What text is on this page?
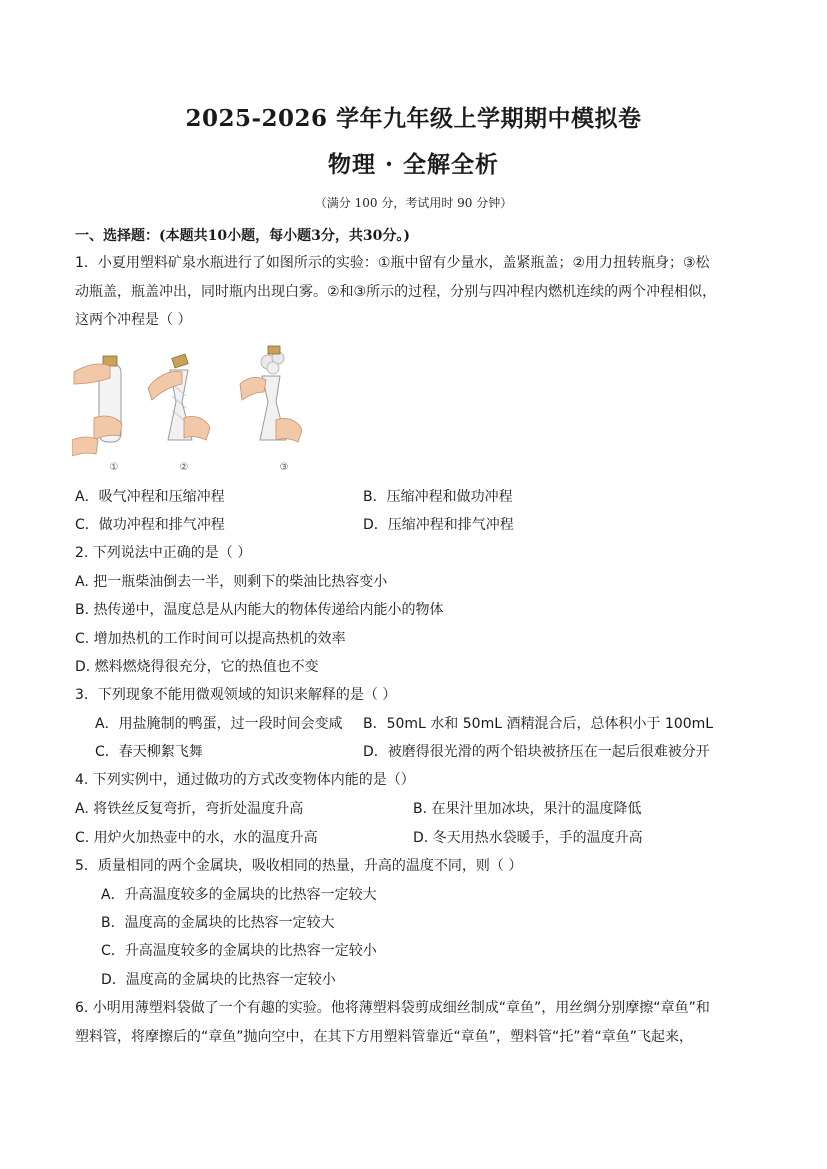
2025-2026 学年九年级上学期期中模拟卷
物理 · 全解全析
（满分 100 分，考试用时 90 分钟）
一、选择题：(本题共10小题，每小题3分，共30分。)
1．小夏用塑料矿泉水瓶进行了如图所示的实验：①瓶中留有少量水，盖紧瓶盖；②用力扭转瓶身；③松
动瓶盖，瓶盖冲出，同时瓶内出现白雾。②和③所示的过程，分别与四冲程内燃机连续的两个冲程相似，
这两个冲程是（ ）
①	②	③
A．吸气冲程和压缩冲程	B．压缩冲程和做功冲程
C．做功冲程和排气冲程	D．压缩冲程和排气冲程
2. 下列说法中正确的是（ ）
A. 把一瓶柴油倒去一半，则剩下的柴油比热容变小
B. 热传递中，温度总是从内能大的物体传递给内能小的物体
C. 增加热机的工作时间可以提高热机的效率
D. 燃料燃烧得很充分，它的热值也不变
3．下列现象不能用微观领域的知识来解释的是（ ）
A．用盐腌制的鸭蛋，过一段时间会变咸 B．50mL 水和 50mL 酒精混合后，总体积小于 100mL
C．春天柳絮飞舞	D．被磨得很光滑的两个铅块被挤压在一起后很难被分开
4. 下列实例中，通过做功的方式改变物体内能的是（）
A. 将铁丝反复弯折，弯折处温度升高	B. 在果汁里加冰块，果汁的温度降低
C. 用炉火加热壶中的水，水的温度升高	D. 冬天用热水袋暖手，手的温度升高
5．质量相同的两个金属块，吸收相同的热量，升高的温度不同，则（ ）
A．升高温度较多的金属块的比热容一定较大
B．温度高的金属块的比热容一定较大
C．升高温度较多的金属块的比热容一定较小
D．温度高的金属块的比热容一定较小
6. 小明用薄塑料袋做了一个有趣的实验。他将薄塑料袋剪成细丝制成“章鱼”，用丝绸分别摩擦“章鱼”和
塑料管，将摩擦后的“章鱼”抛向空中，在其下方用塑料管靠近“章鱼”，塑料管“托”着“章鱼”飞起来，
